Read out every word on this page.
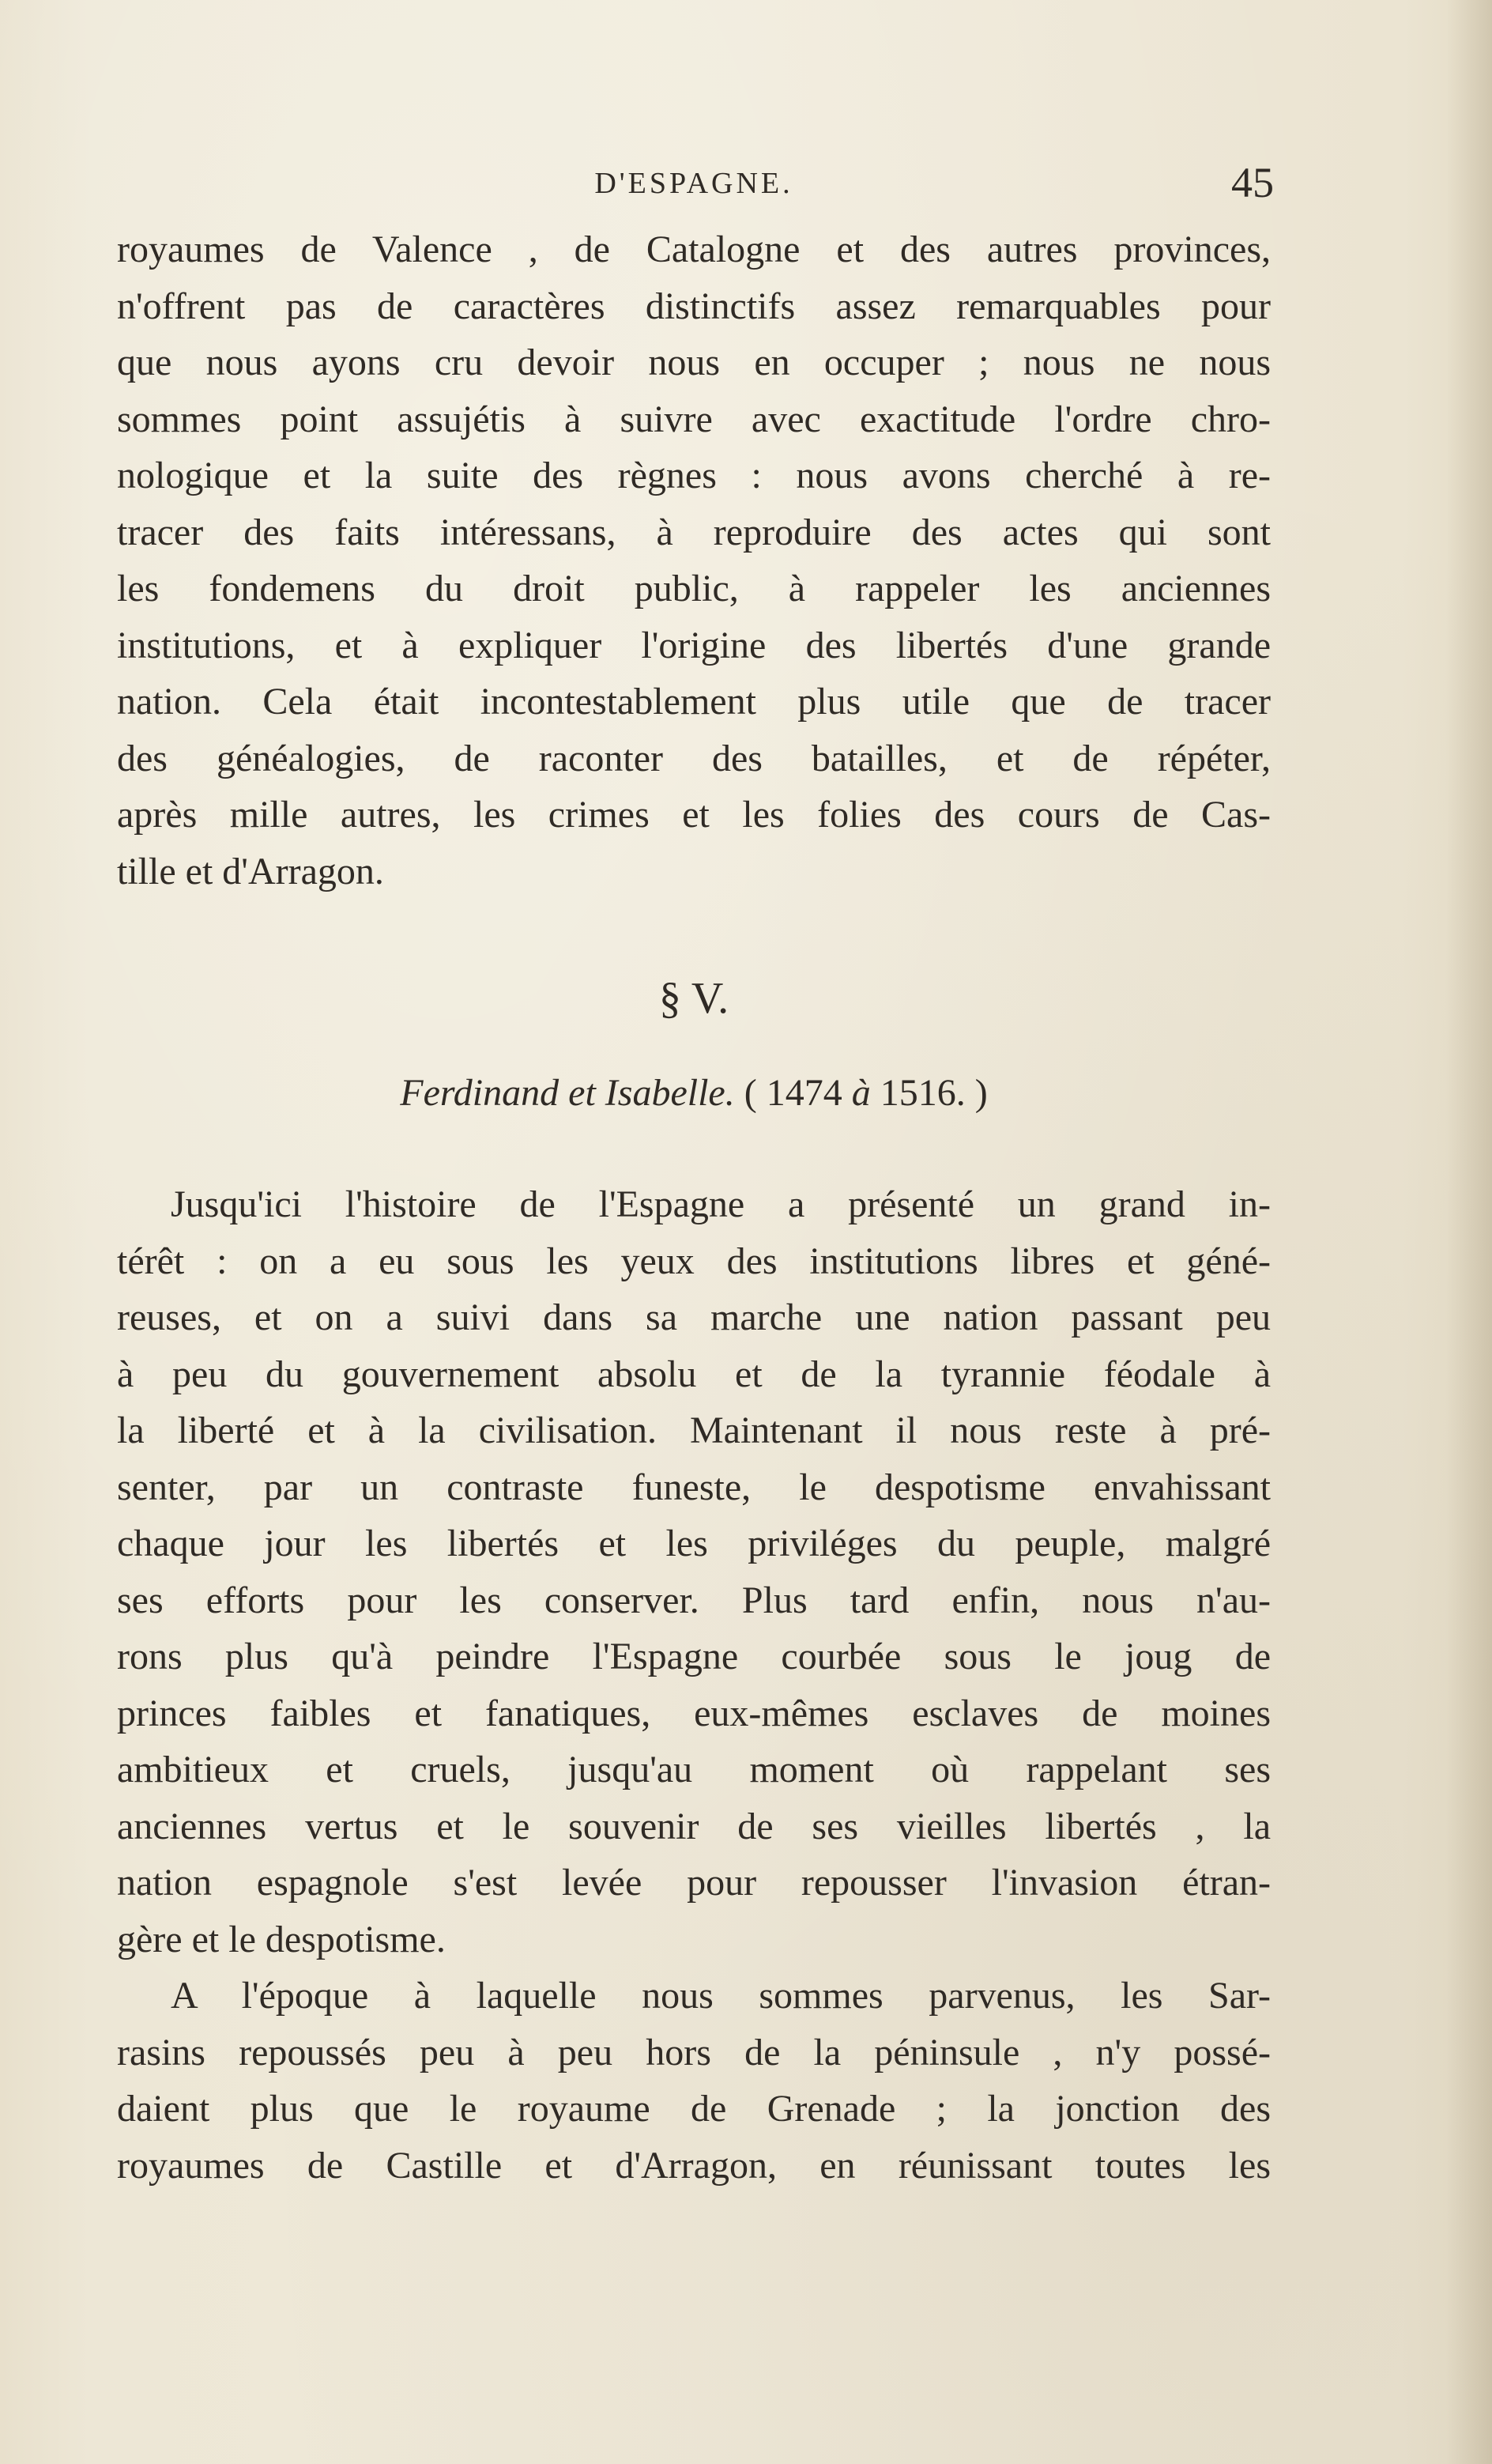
D'ESPAGNE.	45

royaumes de Valence , de Catalogne et des autres provinces,

n'offrent pas de caractères distinctifs assez remarquables pour

que nous ayons cru devoir nous en occuper ; nous ne nous

sommes point assujétis à suivre avec exactitude l'ordre chro-

nologique et la suite des règnes : nous avons cherché à re-

tracer des faits intéressans, à reproduire des actes qui sont

les fondemens du droit public, à rappeler les anciennes

institutions, et à expliquer l'origine des libertés d'une grande

nation. Cela était incontestablement plus utile que de tracer

des généalogies, de raconter des batailles, et de répéter,

après mille autres, les crimes et les folies des cours de Cas-

tille et d'Arragon.

§ V.
Ferdinand et Isabelle. ( 1474 à 1516. )

Jusqu'ici l'histoire de l'Espagne a présenté un grand in-

térêt : on a eu sous les yeux des institutions libres et géné-

reuses, et on a suivi dans sa marche une nation passant peu

à peu du gouvernement absolu et de la tyrannie féodale à

la liberté et à la civilisation. Maintenant il nous reste à pré-

senter, par un contraste funeste, le despotisme envahissant

chaque jour les libertés et les priviléges du peuple, malgré

ses efforts pour les conserver. Plus tard enfin, nous n'au-

rons plus qu'à peindre l'Espagne courbée sous le joug de

princes faibles et fanatiques, eux-mêmes esclaves de moines

ambitieux et cruels, jusqu'au moment où rappelant ses

anciennes vertus et le souvenir de ses vieilles libertés , la

nation espagnole s'est levée pour repousser l'invasion étran-

gère et le despotisme.

A l'époque à laquelle nous sommes parvenus, les Sar-

rasins repoussés peu à peu hors de la péninsule , n'y possé-

daient plus que le royaume de Grenade ; la jonction des

royaumes de Castille et d'Arragon, en réunissant toutes les
